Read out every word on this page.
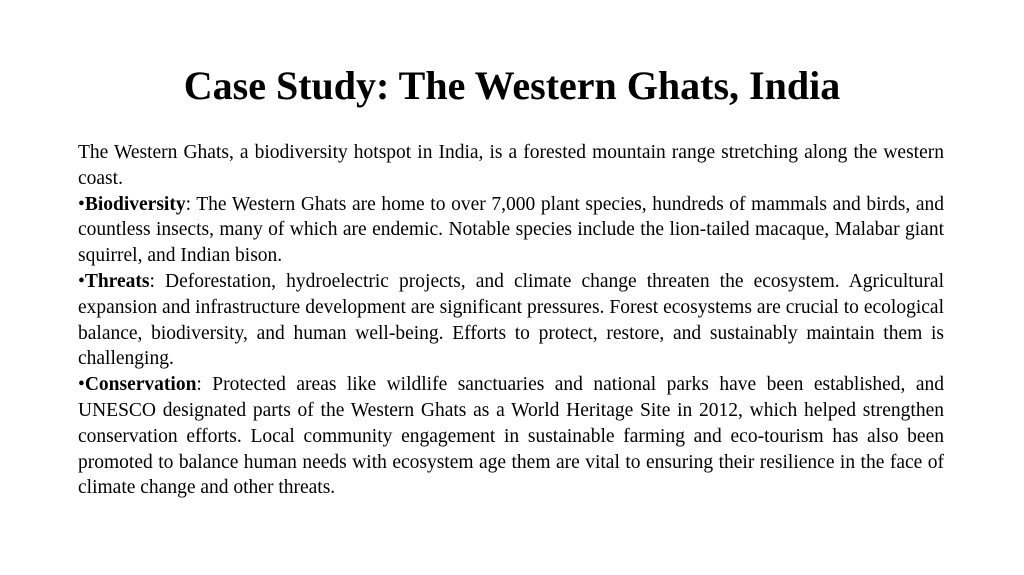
Case Study: The Western Ghats, India

The Western Ghats, a biodiversity hotspot in India, is a forested mountain range stretching along the western coast.

•Biodiversity: The Western Ghats are home to over 7,000 plant species, hundreds of mammals and birds, and countless insects, many of which are endemic. Notable species include the lion-tailed macaque, Malabar giant squirrel, and Indian bison.

•Threats: Deforestation, hydroelectric projects, and climate change threaten the ecosystem. Agricultural expansion and infrastructure development are significant pressures. Forest ecosystems are crucial to ecological balance, biodiversity, and human well-being. Efforts to protect, restore, and sustainably maintain them is challenging.

•Conservation: Protected areas like wildlife sanctuaries and national parks have been established, and UNESCO designated parts of the Western Ghats as a World Heritage Site in 2012, which helped strengthen conservation efforts. Local community engagement in sustainable farming and eco-tourism has also been promoted to balance human needs with ecosystem age them are vital to ensuring their resilience in the face of climate change and other threats.
